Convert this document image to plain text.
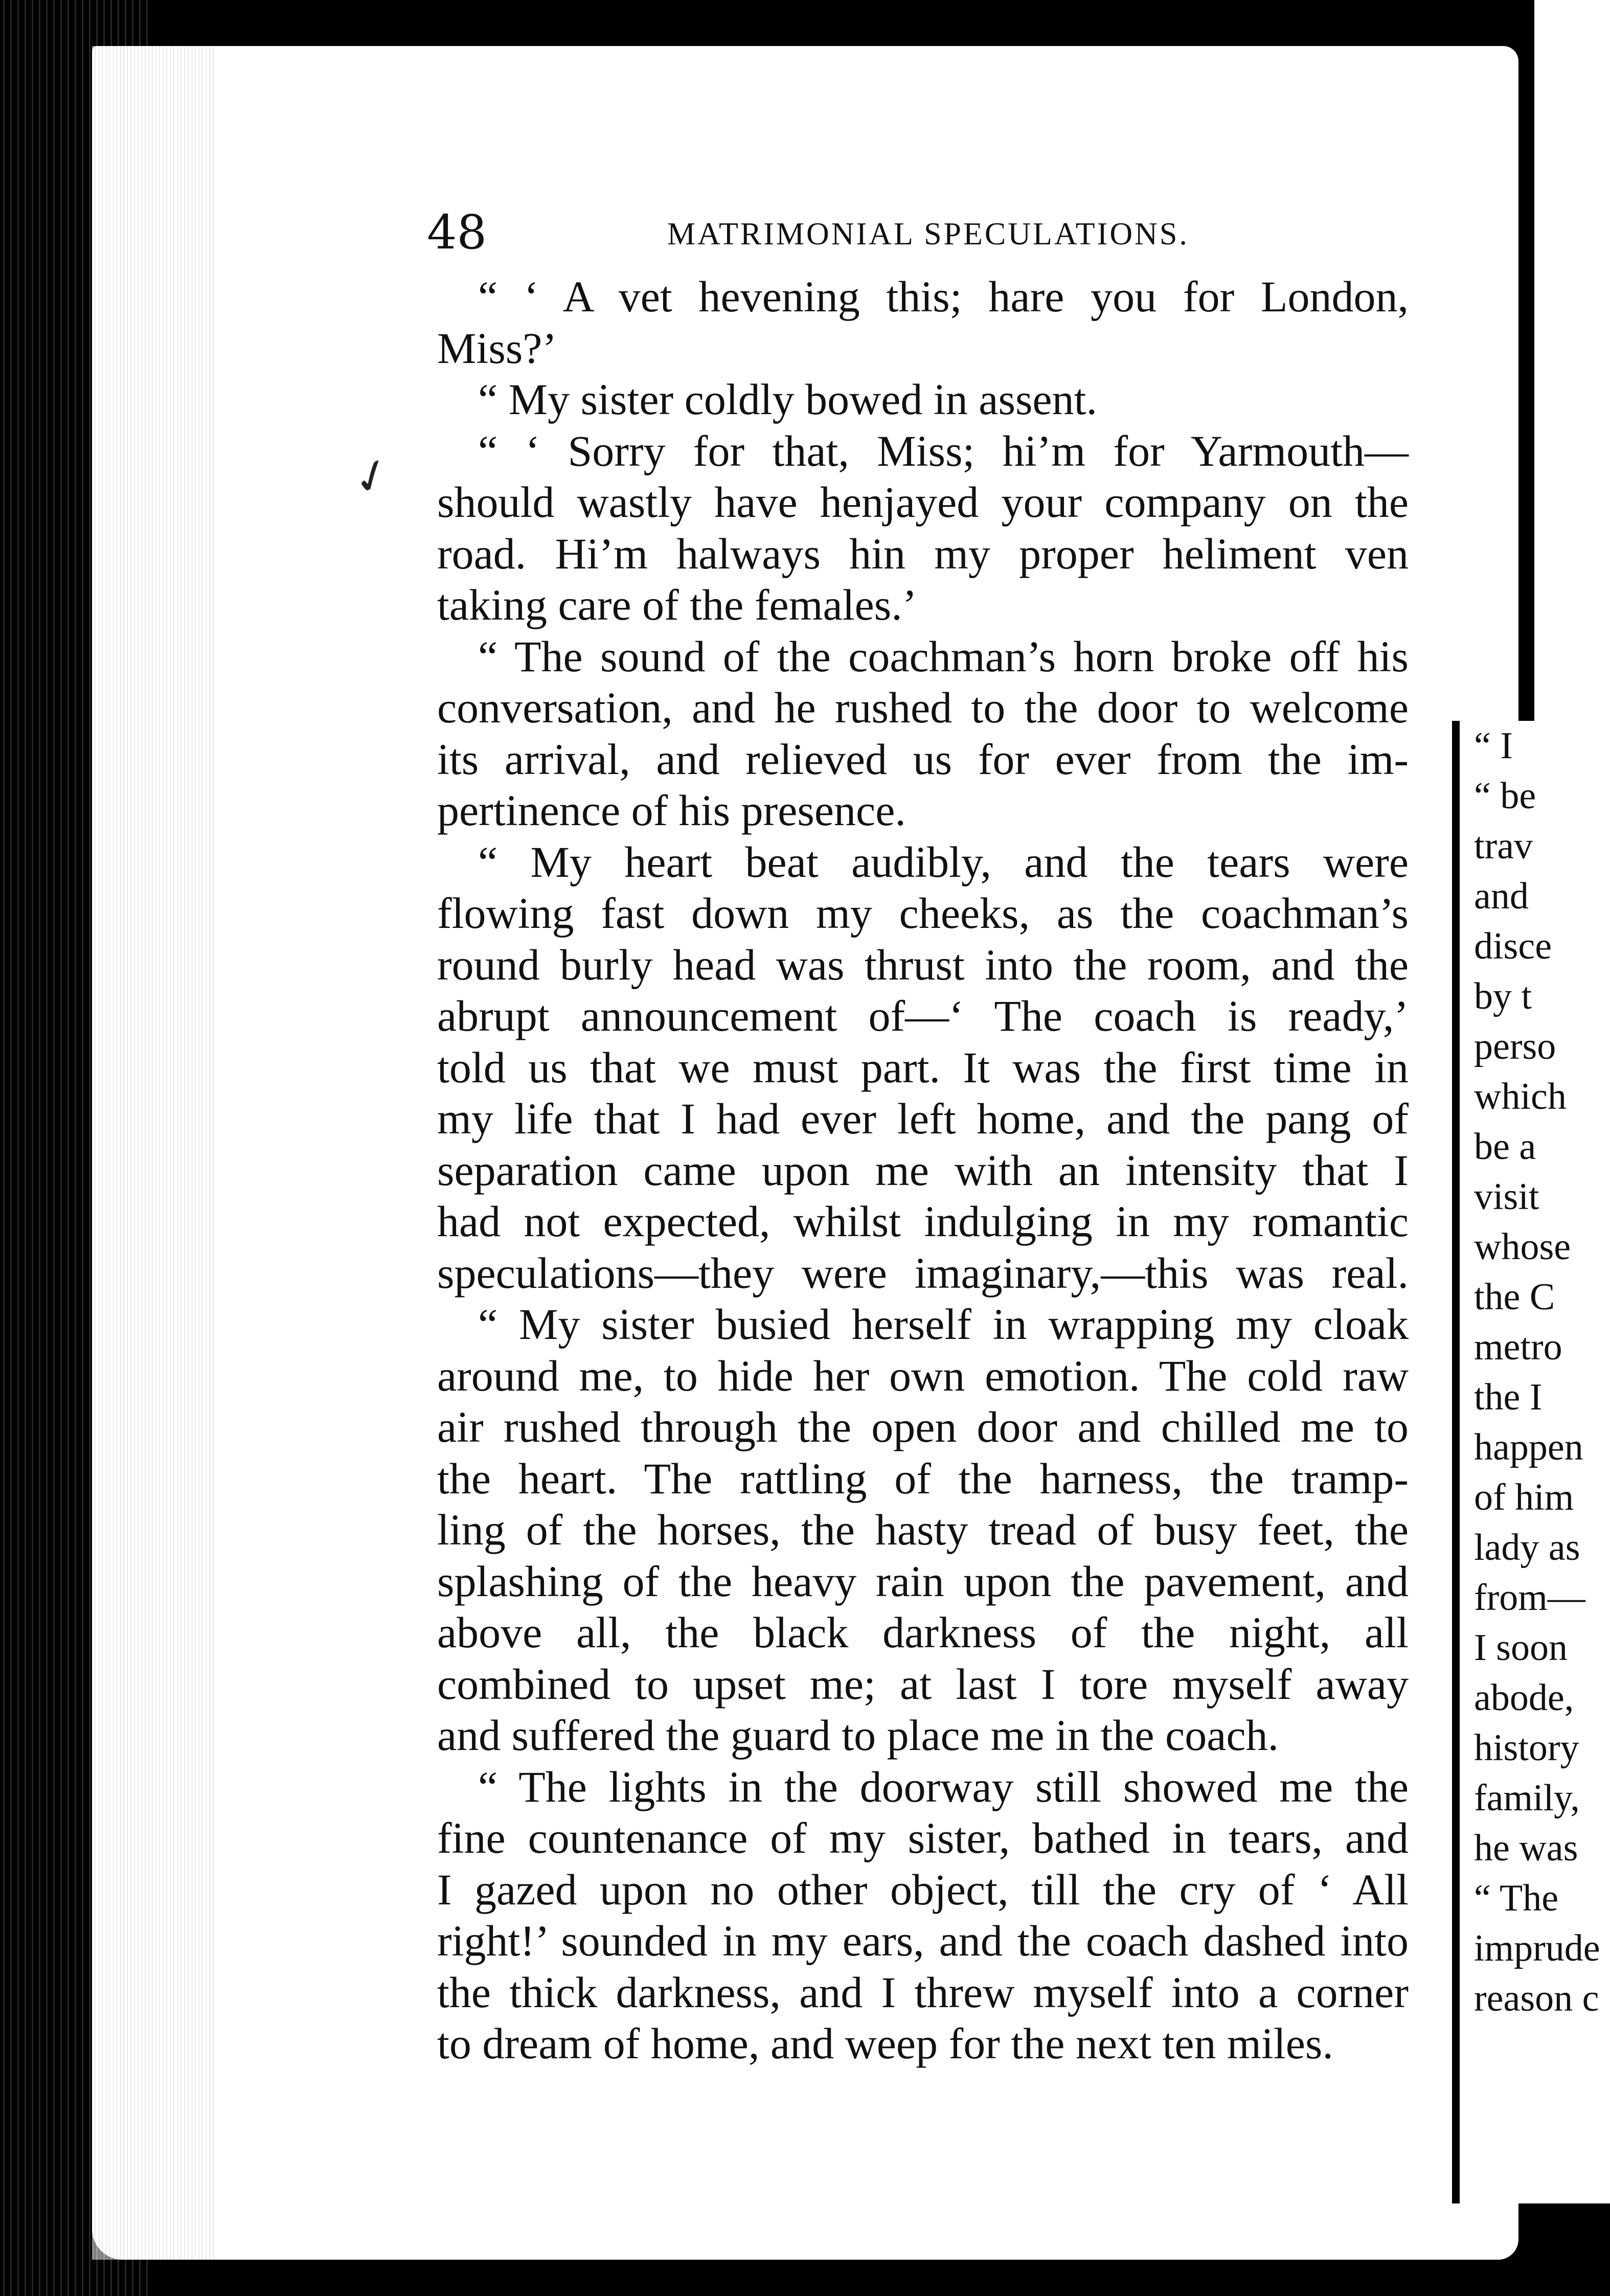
✓
48	MATRIMONIAL SPECULATIONS.
“ ‘ A vet hevening this; hare you for London,
Miss?’
“ My sister coldly bowed in assent.
“ ‘ Sorry for that, Miss; hi’m for Yarmouth—
should wastly have henjayed your company on the
road. Hi’m halways hin my proper heliment ven
taking care of the females.’
“ The sound of the coachman’s horn broke off his
conversation, and he rushed to the door to welcome
its arrival, and relieved us for ever from the im-
pertinence of his presence.
“ My heart beat audibly, and the tears were
flowing fast down my cheeks, as the coachman’s
round burly head was thrust into the room, and the
abrupt announcement of—‘ The coach is ready,’
told us that we must part. It was the first time in
my life that I had ever left home, and the pang of
separation came upon me with an intensity that I
had not expected, whilst indulging in my romantic
speculations—they were imaginary,—this was real.
“ My sister busied herself in wrapping my cloak
around me, to hide her own emotion. The cold raw
air rushed through the open door and chilled me to
the heart. The rattling of the harness, the tramp-
ling of the horses, the hasty tread of busy feet, the
splashing of the heavy rain upon the pavement, and
above all, the black darkness of the night, all
combined to upset me; at last I tore myself away
and suffered the guard to place me in the coach.
“ The lights in the doorway still showed me the
fine countenance of my sister, bathed in tears, and
I gazed upon no other object, till the cry of ‘ All
right!’ sounded in my ears, and the coach dashed into
the thick darkness, and I threw myself into a corner
to dream of home, and weep for the next ten miles.
“ I
“ be
trav
and
disce
by t
perso
which
be a
visit
whose
the C
metro
the I
happen
of him
lady as
from—
I soon
abode,
history
family,
he was
“ The
imprude
reason c
